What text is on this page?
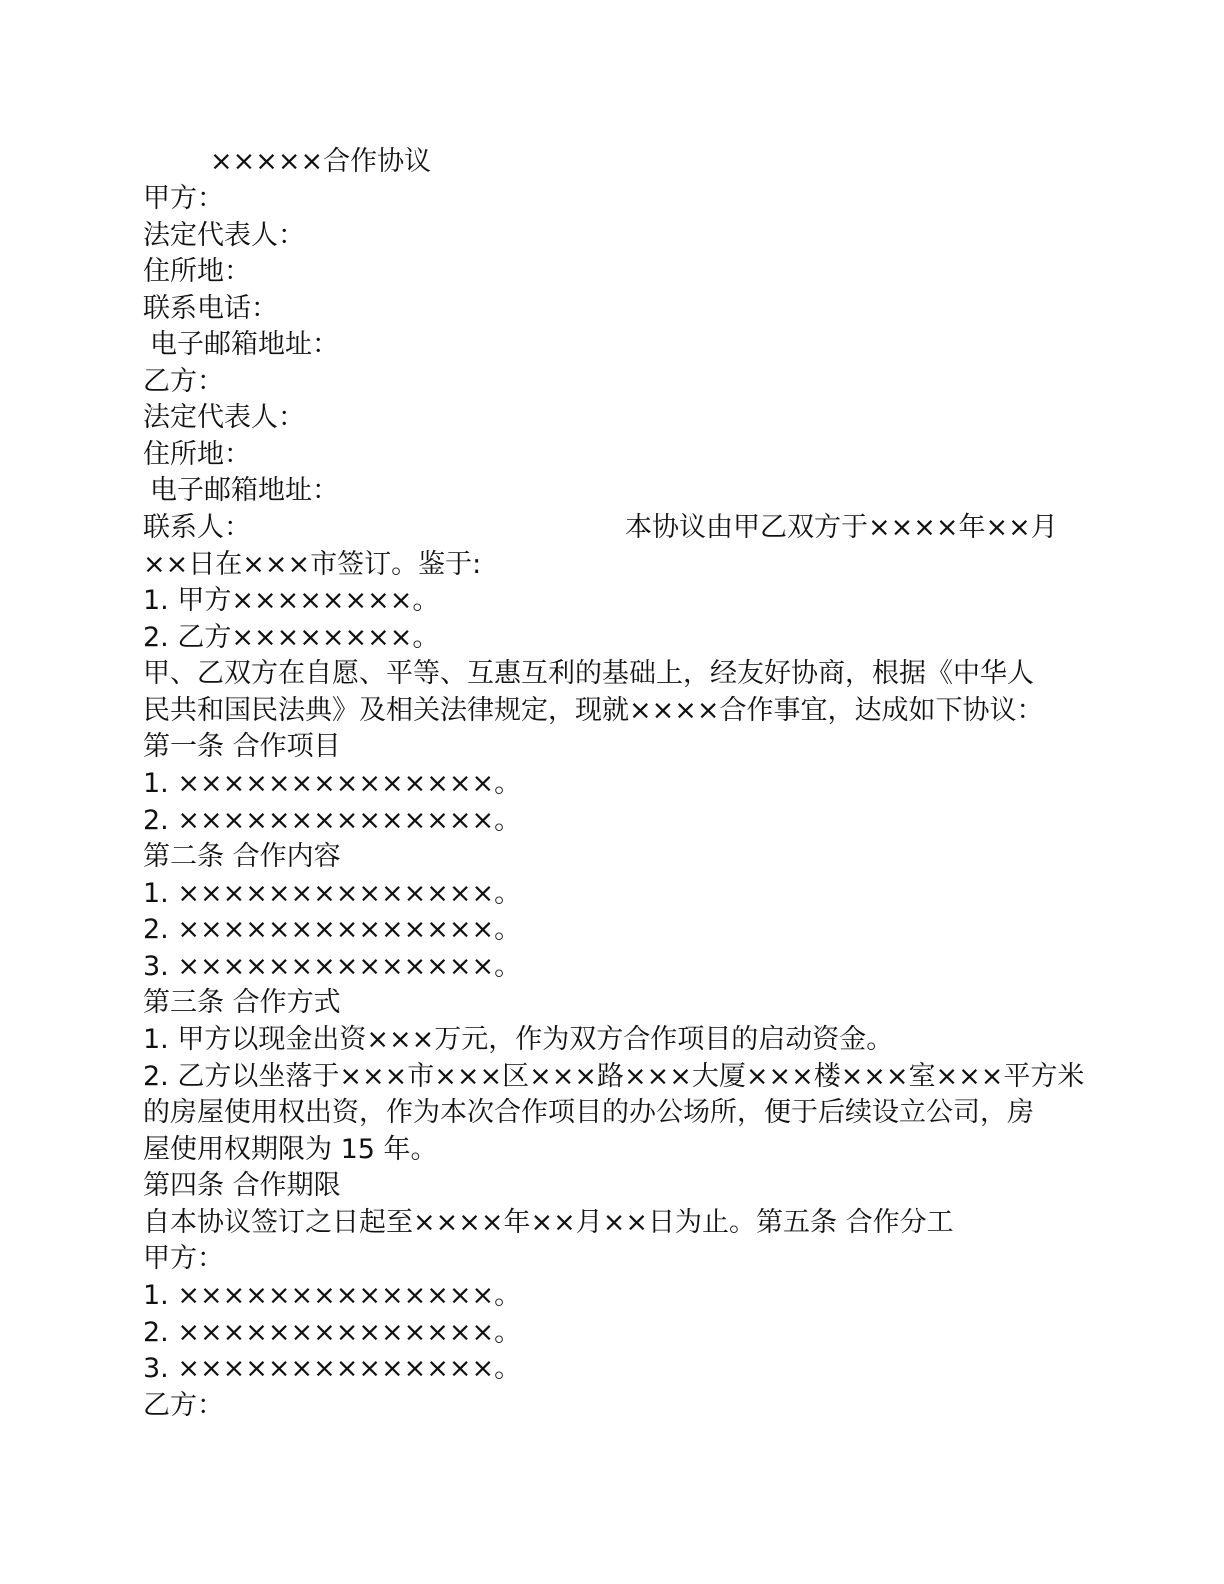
×××××合作协议
甲方：
法定代表人：
住所地：
联系电话：
电子邮箱地址：
乙方：
法定代表人：
住所地：
电子邮箱地址：
联系人：	本协议由甲乙双方于××××年××月
××日在×××市签订。鉴于:
1. 甲方××××××××。
2. 乙方××××××××。
甲、乙双方在自愿、平等、互惠互利的基础上，经友好协商，根据《中华人
民共和国民法典》及相关法律规定，现就××××合作事宜，达成如下协议：
第一条 合作项目
1. ××××××××××××××。
2. ××××××××××××××。
第二条 合作内容
1. ××××××××××××××。
2. ××××××××××××××。
3. ××××××××××××××。
第三条 合作方式
1. 甲方以现金出资×××万元，作为双方合作项目的启动资金。
2. 乙方以坐落于×××市×××区×××路×××大厦×××楼×××室×××平方米
的房屋使用权出资，作为本次合作项目的办公场所，便于后续设立公司，房
屋使用权期限为 15 年。
第四条 合作期限
自本协议签订之日起至××××年××月××日为止。第五条 合作分工
甲方：
1. ××××××××××××××。
2. ××××××××××××××。
3. ××××××××××××××。
乙方：
